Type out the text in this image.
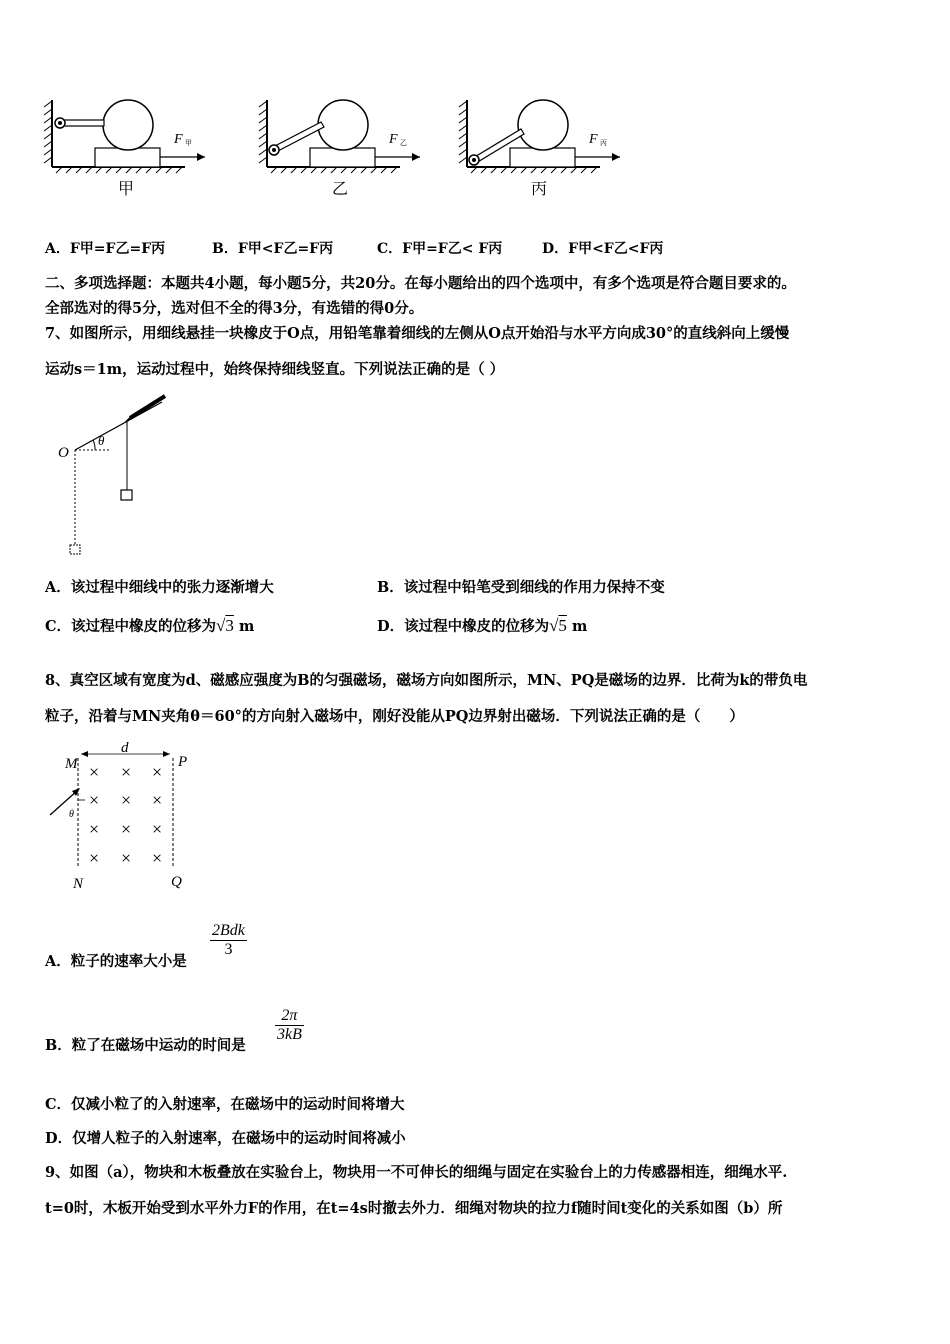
F 甲
甲
F 乙
乙
F 丙
丙
A．F甲=F乙=F丙	B．F甲<F乙=F丙	C．F甲=F乙< F丙	D．F甲<F乙<F丙
二、多项选择题：本题共4小题，每小题5分，共20分。在每小题给出的四个选项中，有多个选项是符合题目要求的。
全部选对的得5分，选对但不全的得3分，有选错的得0分。
7、如图所示，用细线悬挂一块橡皮于O点，用铅笔靠着细线的左侧从O点开始沿与水平方向成30°的直线斜向上缓慢
运动s＝1m，运动过程中，始终保持细线竖直。下列说法正确的是（ ）
O
θ
A．该过程中细线中的张力逐渐增大	B．该过程中铅笔受到细线的作用力保持不变
C．该过程中橡皮的位移为√3 m	D．该过程中橡皮的位移为√5 m
8、真空区域有宽度为d、磁感应强度为B的匀强磁场，磁场方向如图所示，MN、PQ是磁场的边界．比荷为k的带负电
粒子，沿着与MN夹角θ＝60°的方向射入磁场中，刚好没能从PQ边界射出磁场．下列说法正确的是（　　）
× × ×
× × ×
× × ×
× × ×
M	P
N	Q
d
θ
A．粒子的速率大小是
2Bdk
3
B．粒了在磁场中运动的时间是
$\frac{2\pi}{3kB}$
C．仅减小粒了的入射速率，在磁场中的运动时间将增大
D．仅增人粒子的入射速率，在磁场中的运动时间将减小
9、如图（a），物块和木板叠放在实验台上，物块用一不可伸长的细绳与固定在实验台上的力传感器相连，细绳水平.
t=0时，木板开始受到水平外力F的作用，在t=4s时撤去外力．细绳对物块的拉力f随时间t变化的关系如图（b）所
